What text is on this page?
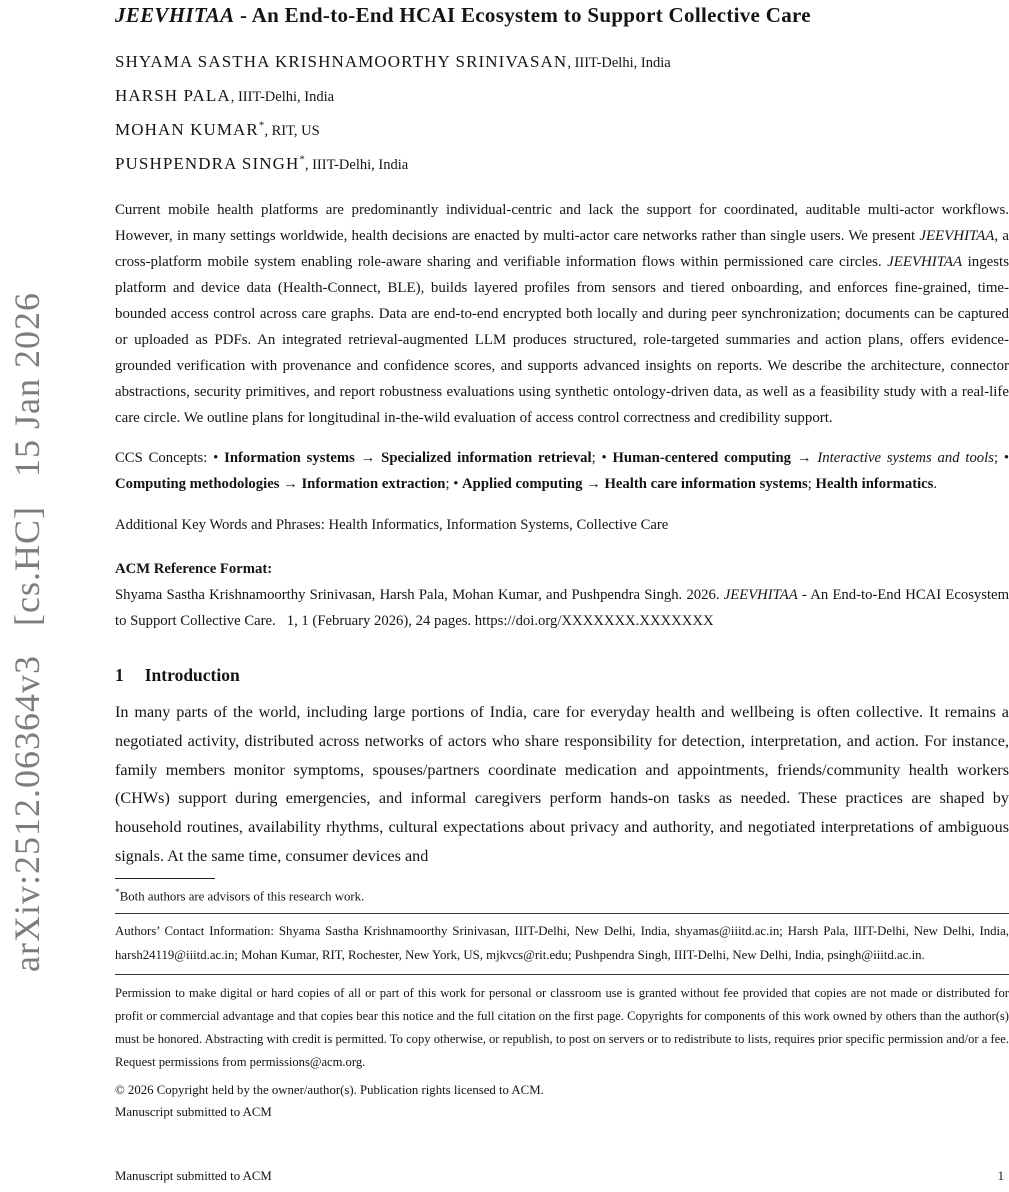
arXiv:2512.06364v3  [cs.HC]  15 Jan 2026
JEEVHITAA - An End-to-End HCAI Ecosystem to Support Collective Care
SHYAMA SASTHA KRISHNAMOORTHY SRINIVASAN, IIIT-Delhi, India
HARSH PALA, IIIT-Delhi, India
MOHAN KUMAR*, RIT, US
PUSHPENDRA SINGH*, IIIT-Delhi, India

Current mobile health platforms are predominantly individual-centric and lack the support for coordinated, auditable multi-actor workflows. However, in many settings worldwide, health decisions are enacted by multi-actor care networks rather than single users. We present JEEVHITAA, a cross-platform mobile system enabling role-aware sharing and verifiable information flows within permissioned care circles. JEEVHITAA ingests platform and device data (Health-Connect, BLE), builds layered profiles from sensors and tiered onboarding, and enforces fine-grained, time-bounded access control across care graphs. Data are end-to-end encrypted both locally and during peer synchronization; documents can be captured or uploaded as PDFs. An integrated retrieval-augmented LLM produces structured, role-targeted summaries and action plans, offers evidence-grounded verification with provenance and confidence scores, and supports advanced insights on reports. We describe the architecture, connector abstractions, security primitives, and report robustness evaluations using synthetic ontology-driven data, as well as a feasibility study with a real-life care circle. We outline plans for longitudinal in-the-wild evaluation of access control correctness and credibility support.

CCS Concepts: • Information systems → Specialized information retrieval; • Human-centered computing → Interactive systems and tools; • Computing methodologies → Information extraction; • Applied computing → Health care information systems; Health informatics.

Additional Key Words and Phrases: Health Informatics, Information Systems, Collective Care

ACM Reference Format:

Shyama Sastha Krishnamoorthy Srinivasan, Harsh Pala, Mohan Kumar, and Pushpendra Singh. 2026. JEEVHITAA - An End-to-End HCAI Ecosystem to Support Collective Care.  1, 1 (February 2026), 24 pages. https://doi.org/XXXXXXX.XXXXXXX

1 Introduction

In many parts of the world, including large portions of India, care for everyday health and wellbeing is often collective. It remains a negotiated activity, distributed across networks of actors who share responsibility for detection, interpretation, and action. For instance, family members monitor symptoms, spouses/partners coordinate medication and appointments, friends/community health workers (CHWs) support during emergencies, and informal caregivers perform hands-on tasks as needed. These practices are shaped by household routines, availability rhythms, cultural expectations about privacy and authority, and negotiated interpretations of ambiguous signals. At the same time, consumer devices and

*Both authors are advisors of this research work.

Authors’ Contact Information: Shyama Sastha Krishnamoorthy Srinivasan, IIIT-Delhi, New Delhi, India, shyamas@iiitd.ac.in; Harsh Pala, IIIT-Delhi, New Delhi, India, harsh24119@iiitd.ac.in; Mohan Kumar, RIT, Rochester, New York, US, mjkvcs@rit.edu; Pushpendra Singh, IIIT-Delhi, New Delhi, India, psingh@iiitd.ac.in.

Permission to make digital or hard copies of all or part of this work for personal or classroom use is granted without fee provided that copies are not made or distributed for profit or commercial advantage and that copies bear this notice and the full citation on the first page. Copyrights for components of this work owned by others than the author(s) must be honored. Abstracting with credit is permitted. To copy otherwise, or republish, to post on servers or to redistribute to lists, requires prior specific permission and/or a fee. Request permissions from permissions@acm.org.

© 2026 Copyright held by the owner/author(s). Publication rights licensed to ACM.

Manuscript submitted to ACM

Manuscript submitted to ACM	1
